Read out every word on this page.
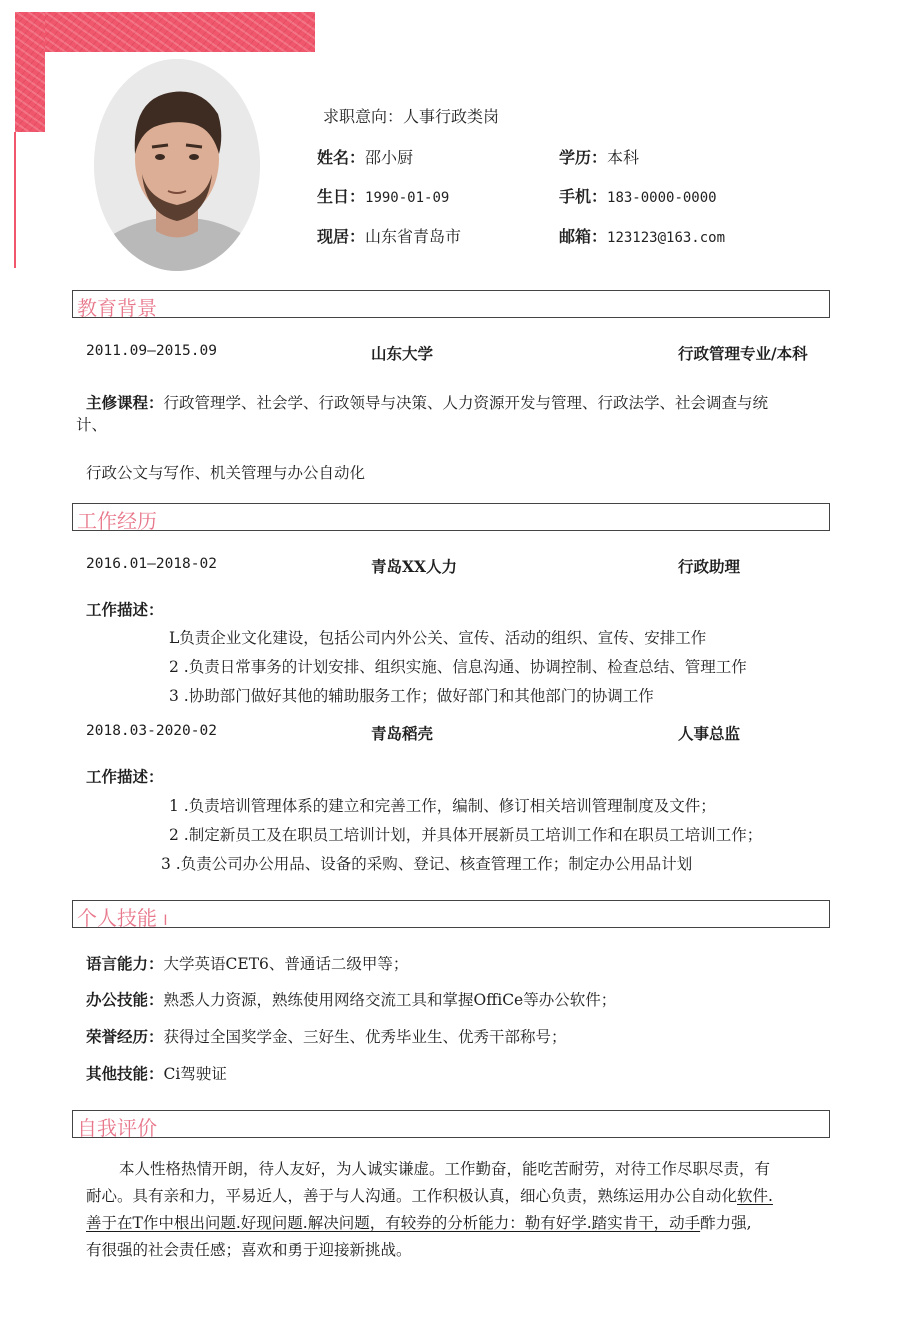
求职意向：人事行政类岗
姓名：邵小厨	学历：本科
生日：1990-01-09	手机：183-0000-0000
现居：山东省青岛市	邮箱：123123@163.com
教育背景
2011.09—2015.09	山东大学	行政管理专业/本科
主修课程：行政管理学、社会学、行政领导与决策、人力资源开发与管理、行政法学、社会调查与统
计、
行政公文与写作、机关管理与办公自动化
工作经历
2016.01—2018-02	青岛XX人力	行政助理
工作描述：
L负责企业文化建设，包括公司内外公关、宣传、活动的组织、宣传、安排工作
2 .负责日常事务的计划安排、组织实施、信息沟通、协调控制、检查总结、管理工作
3 .协助部门做好其他的辅助服务工作；做好部门和其他部门的协调工作
2018.03-2020-02	青岛稻壳	人事总监
工作描述：
1 .负责培训管理体系的建立和完善工作，编制、修订相关培训管理制度及文件；
2 .制定新员工及在职员工培训计划，并具体开展新员工培训工作和在职员工培训工作；
3 .负责公司办公用品、设备的采购、登记、核查管理工作；制定办公用品计划
个人技能 I
语言能力：大学英语CET6、普通话二级甲等；
办公技能：熟悉人力资源，熟练使用网络交流工具和掌握OffiCe等办公软件；
荣誉经历：获得过全国奖学金、三好生、优秀毕业生、优秀干部称号；
其他技能：Ci驾驶证
自我评价
本人性格热情开朗，待人友好，为人诚实谦虚。工作勤奋，能吃苦耐劳，对待工作尽职尽责，有
耐心。具有亲和力，平易近人，善于与人沟通。工作积极认真，细心负责，熟练运用办公自动化软件.
善于在T作中根出问题.好现问题.解决问题，有较券的分析能力：勒有好学.踏实肯干，动手酢力强,
有很强的社会责任感；喜欢和勇于迎接新挑战。
